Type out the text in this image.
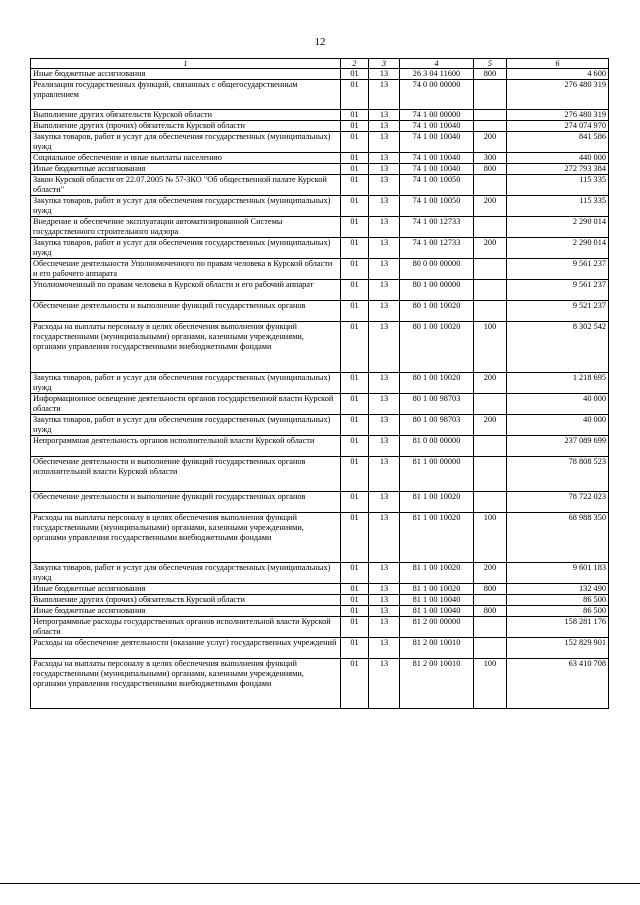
12
1	2	3	4	5	6
Иные бюджетные ассигнования	01	13	26 3 04 11600	800	4 600
Реализация государственных функций, связанных с общегосударственным управлением	01	13	74 0 00 00000		276 480 319
Выполнение других обязательств Курской области	01	13	74 1 00 00000		276 480 319
Выполнение других (прочих) обязательств Курской области	01	13	74 1 00 10040		274 074 970
Закупка товаров, работ и услуг для обеспечения государственных (муниципальных) нужд	01	13	74 1 00 10040	200	841 586
Социальное обеспечение и иные выплаты населению	01	13	74 1 00 10040	300	440 000
Иные бюджетные ассигнования	01	13	74 1 00 10040	800	272 793 384
Закон Курской области от 22.07.2005 № 57-ЗКО "Об общественной палате Курской области"	01	13	74 1 00 10050		115 335
Закупка товаров, работ и услуг для обеспечения государственных (муниципальных) нужд	01	13	74 1 00 10050	200	115 335
Внедрение и обеспечение эксплуатации автоматизированной Системы государственного строительного надзора	01	13	74 1 00 12733		2 290 014
Закупка товаров, работ и услуг для обеспечения государственных (муниципальных) нужд	01	13	74 1 00 12733	200	2 290 014
Обеспечение деятельности Уполномоченного по правам человека в Курской области и его рабочего аппарата	01	13	80 0 00 00000		9 561 237
Уполномоченный по правам человека в Курской области и его рабочий аппарат	01	13	80 1 00 00000		9 561 237
Обеспечение деятельности и выполнение функций государственных органов	01	13	80 1 00 10020		9 521 237
Расходы на выплаты персоналу в целях обеспечения выполнения функций государственными (муниципальными) органами, казенными учреждениями, органами управления государственными внебюджетными фондами	01	13	80 1 00 10020	100	8 302 542
Закупка товаров, работ и услуг для обеспечения государственных (муниципальных) нужд	01	13	80 1 00 10020	200	1 218 695
Информационное освещение деятельности органов государственной власти Курской области	01	13	80 1 00 98703		40 000
Закупка товаров, работ и услуг для обеспечения государственных (муниципальных) нужд	01	13	80 1 00 98703	200	40 000
Непрограммная деятельность органов исполнительной власти Курской области	01	13	81 0 00 00000		237 089 699
Обеспечение деятельности и выполнение функций государственных органов исполнительной власти Курской области	01	13	81 1 00 00000		78 808 523
Обеспечение деятельности и выполнение функций государственных органов	01	13	81 1 00 10020		78 722 023
Расходы на выплаты персоналу в целях обеспечения выполнения функций государственными (муниципальными) органами, казенными учреждениями, органами управления государственными внебюджетными фондами	01	13	81 1 00 10020	100	68 988 350
Закупка товаров, работ и услуг для обеспечения государственных (муниципальных) нужд	01	13	81 1 00 10020	200	9 601 183
Иные бюджетные ассигнования	01	13	81 1 00 10020	800	132 490
Выполнение других (прочих) обязательств Курской области	01	13	81 1 00 10040		86 500
Иные бюджетные ассигнования	01	13	81 1 00 10040	800	86 500
Непрограммные расходы государственных органов исполнительной власти Курской области	01	13	81 2 00 00000		158 281 176
Расходы на обеспечение деятельности (оказание услуг) государственных учреждений	01	13	81 2 00 10010		152 829 901
Расходы на выплаты персоналу в целях обеспечения выполнения функций государственными (муниципальными) органами, казенными учреждениями, органами управления государственными внебюджетными фондами	01	13	81 2 00 10010	100	63 410 708
